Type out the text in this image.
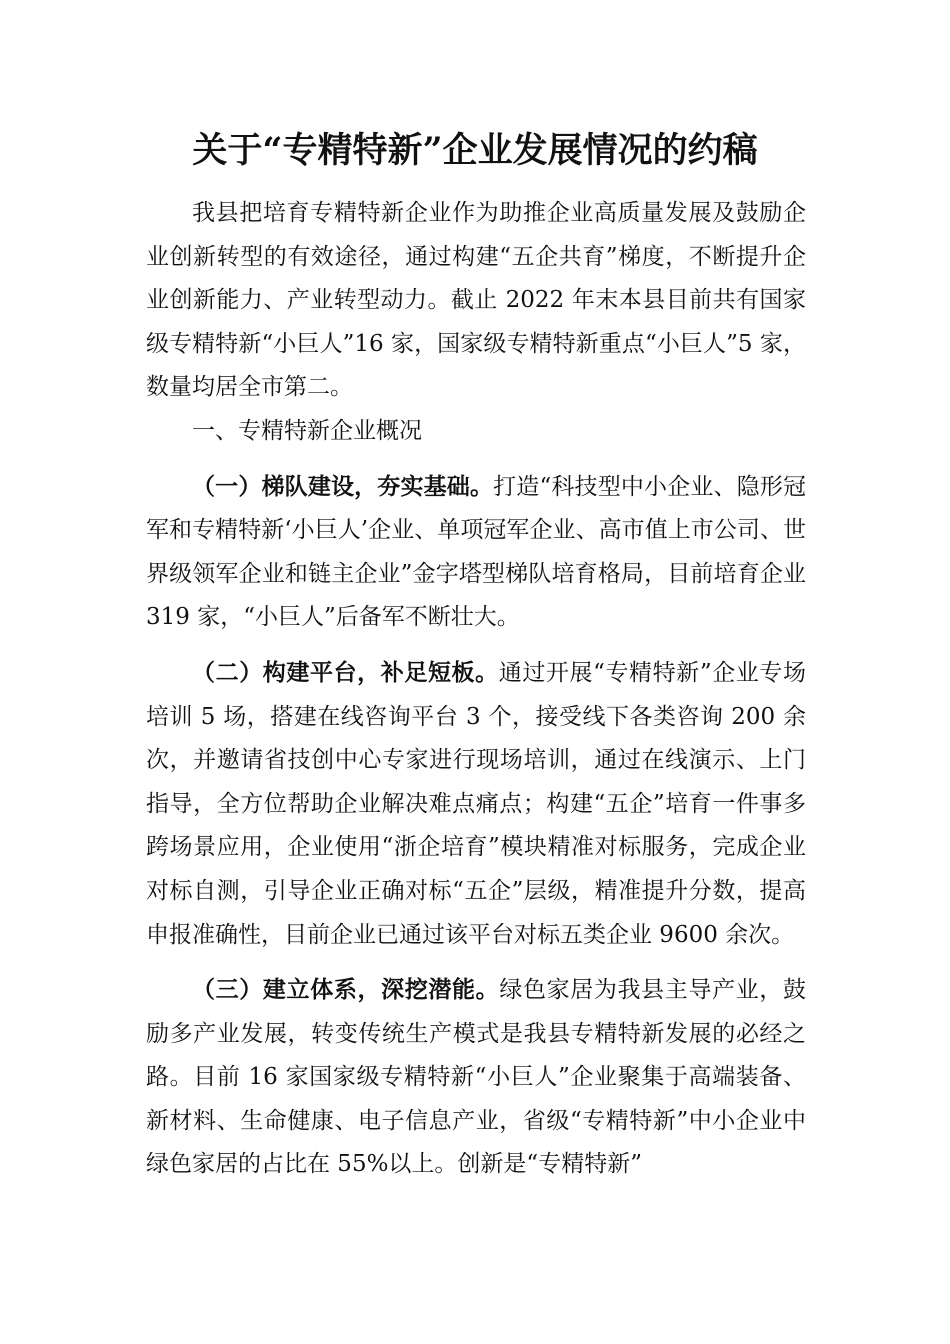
关于“专精特新”企业发展情况的约稿

我县把培育专精特新企业作为助推企业高质量发展及鼓励企业创新转型的有效途径，通过构建“五企共育”梯度，不断提升企业创新能力、产业转型动力。截止 2022 年末本县目前共有国家级专精特新“小巨人”16 家，国家级专精特新重点“小巨人”5 家，数量均居全市第二。

一、专精特新企业概况

（一）梯队建设，夯实基础。打造“科技型中小企业、隐形冠军和专精特新‘小巨人’企业、单项冠军企业、高市值上市公司、世界级领军企业和链主企业”金字塔型梯队培育格局，目前培育企业 319 家，“小巨人”后备军不断壮大。

（二）构建平台，补足短板。通过开展“专精特新”企业专场培训 5 场，搭建在线咨询平台 3 个，接受线下各类咨询 200 余次，并邀请省技创中心专家进行现场培训，通过在线演示、上门指导，全方位帮助企业解决难点痛点；构建“五企”培育一件事多跨场景应用，企业使用“浙企培育”模块精准对标服务，完成企业对标自测，引导企业正确对标“五企”层级，精准提升分数，提高申报准确性，目前企业已通过该平台对标五类企业 9600 余次。

（三）建立体系，深挖潜能。绿色家居为我县主导产业，鼓励多产业发展，转变传统生产模式是我县专精特新发展的必经之路。目前 16 家国家级专精特新“小巨人”企业聚集于高端装备、新材料、生命健康、电子信息产业，省级“专精特新”中小企业中绿色家居的占比在 55%以上。创新是“专精特新”
